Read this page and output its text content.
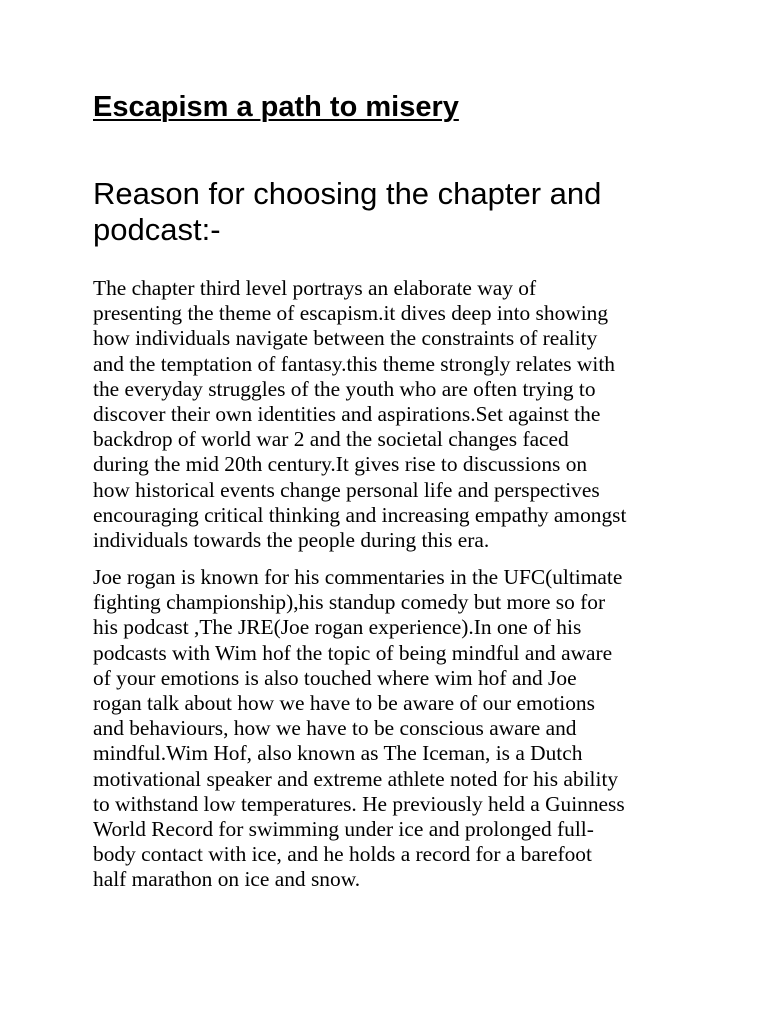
Escapism a path to misery
Reason for choosing the chapter and podcast:-

The chapter third level portrays an elaborate way of
presenting the theme of escapism.it dives deep into showing
how individuals navigate between the constraints of reality
and the temptation of fantasy.this theme strongly relates with
the everyday struggles of the youth who are often trying to
discover their own identities and aspirations.Set against the
backdrop of world war 2 and the societal changes faced
during the mid 20th century.It gives rise to discussions on
how historical events change personal life and perspectives
encouraging critical thinking and increasing empathy amongst
individuals towards the people during this era.

Joe rogan is known for his commentaries in the UFC(ultimate
fighting championship),his standup comedy but more so for
his podcast ,The JRE(Joe rogan experience).In one of his
podcasts with Wim hof the topic of being mindful and aware
of your emotions is also touched where wim hof and Joe
rogan talk about how we have to be aware of our emotions
and behaviours, how we have to be conscious aware and
mindful.Wim Hof, also known as The Iceman, is a Dutch
motivational speaker and extreme athlete noted for his ability
to withstand low temperatures. He previously held a Guinness
World Record for swimming under ice and prolonged full-
body contact with ice, and he holds a record for a barefoot
half marathon on ice and snow.
